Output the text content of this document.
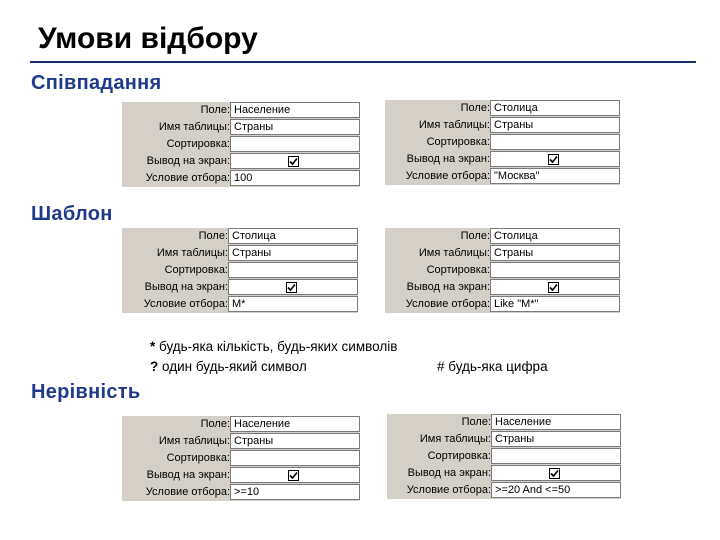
Умови відбору
Співпадання
Шаблон
Нерівність
Поле: Население
Имя таблицы: Страны
Сортировка:
Вывод на экран:
Условие отбора: 100
Поле: Столица
Имя таблицы: Страны
Сортировка:
Вывод на экран:
Условие отбора: "Москва"
Поле: Столица
Имя таблицы: Страны
Сортировка:
Вывод на экран:
Условие отбора: М*
Поле: Столица
Имя таблицы: Страны
Сортировка:
Вывод на экран:
Условие отбора: Like "М*"
* будь-яка кількість, будь-яких символів
? один будь-який символ	# будь-яка цифра
Поле: Население
Имя таблицы: Страны
Сортировка:
Вывод на экран:
Условие отбора: >=10
Поле: Население
Имя таблицы: Страны
Сортировка:
Вывод на экран:
Условие отбора: >=20 And <=50
